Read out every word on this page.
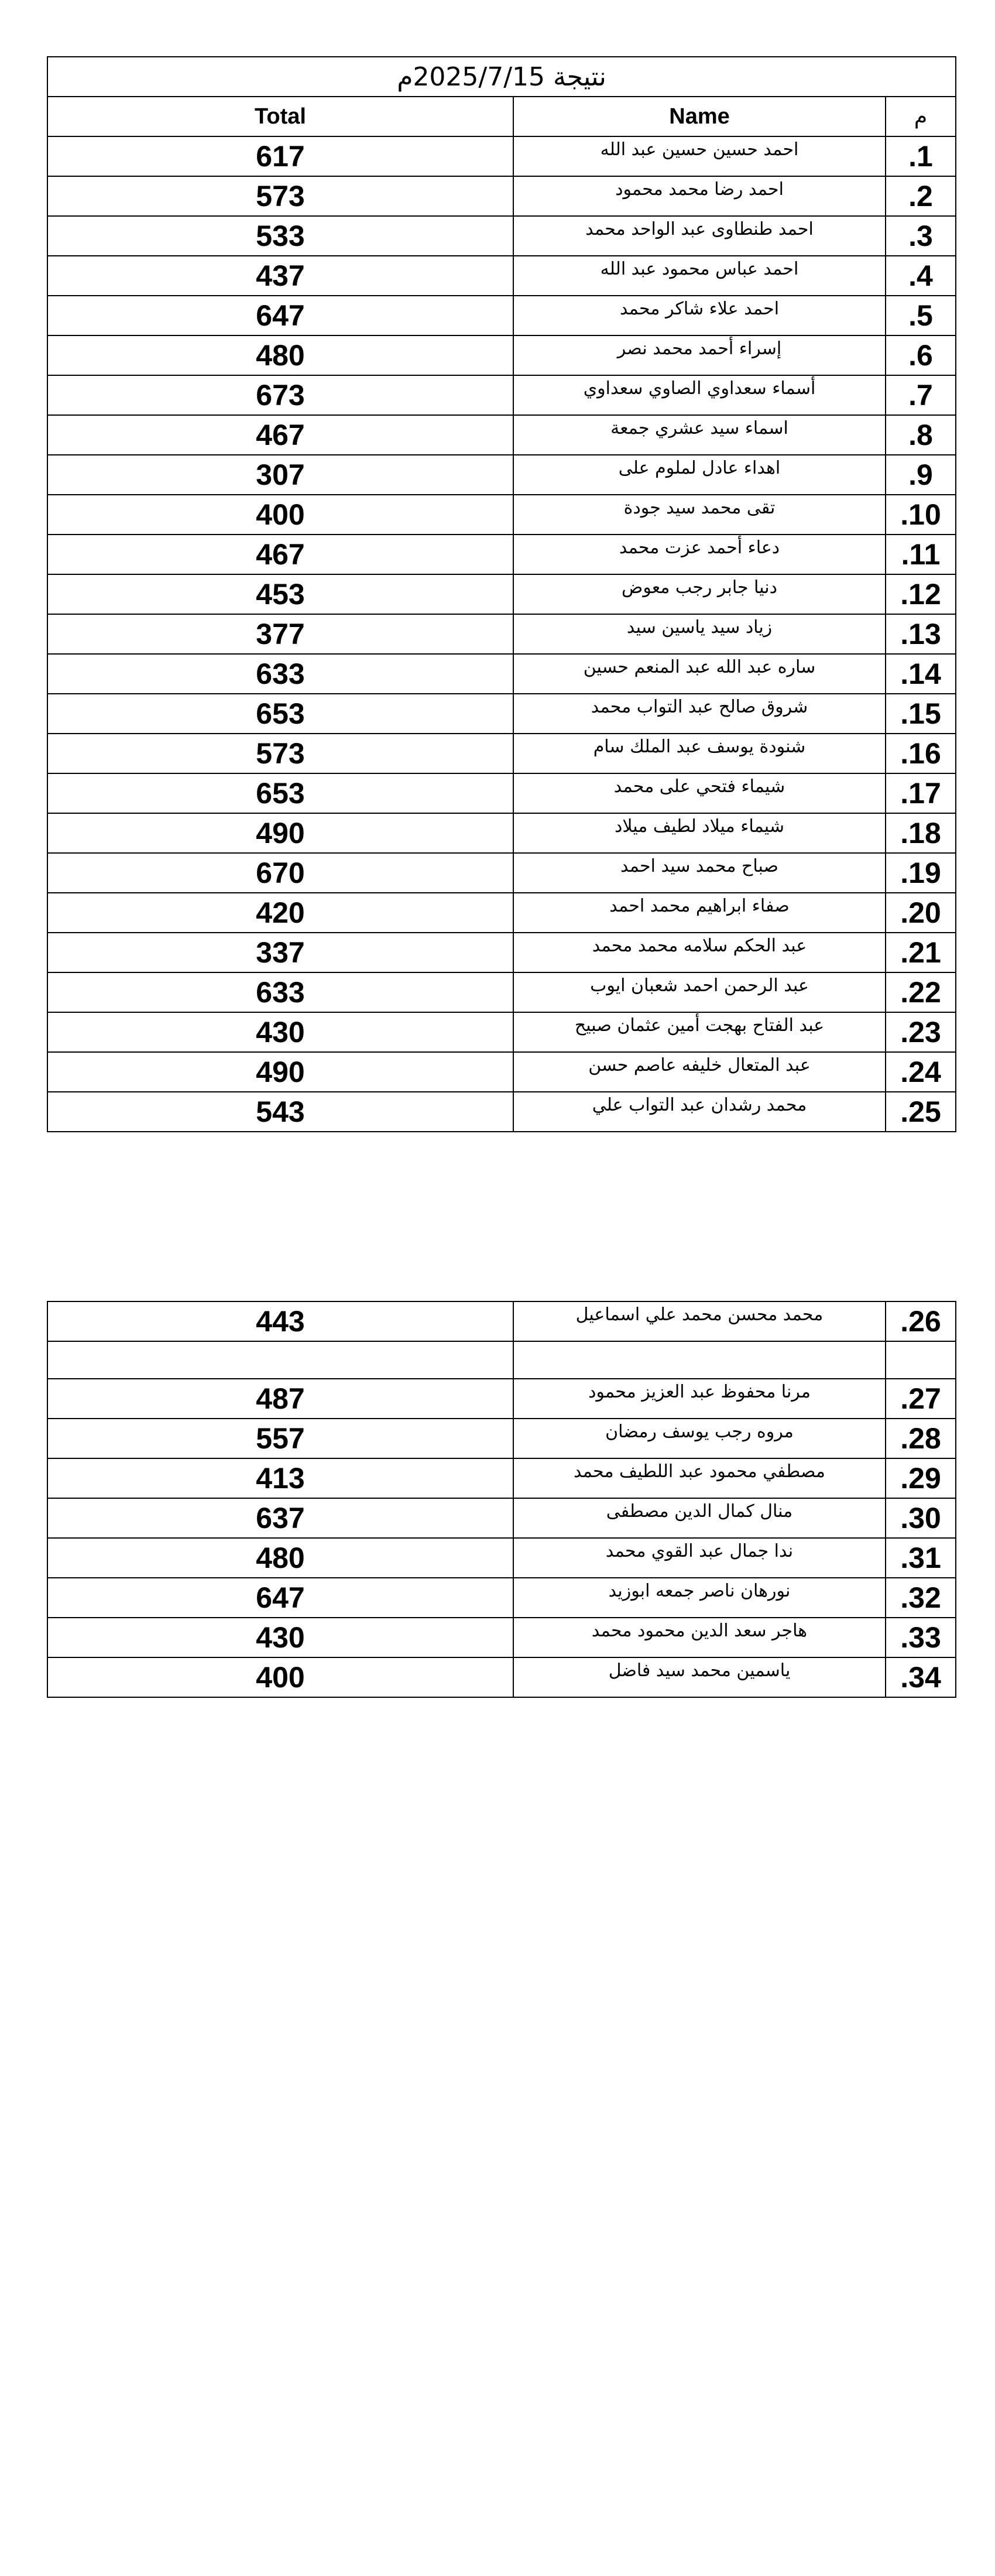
نتيجة 2025/7/15م		
Total	Name	م
617	احمد حسين حسين عبد الله	1.
573	احمد رضا محمد محمود	2.
533	احمد طنطاوى عبد الواحد محمد	3.
437	احمد عباس محمود عبد الله	4.
647	احمد علاء شاكر محمد	5.
480	إسراء أحمد محمد نصر	6.
673	أسماء سعداوي الصاوي سعداوي	7.
467	اسماء سيد عشري جمعة	8.
307	اهداء عادل لملوم على	9.
400	تقى محمد سيد جودة	10.
467	دعاء أحمد عزت محمد	11.
453	دنيا جابر رجب معوض	12.
377	زياد سيد ياسين سيد	13.
633	ساره عبد الله عبد المنعم حسين	14.
653	شروق صالح عبد التواب محمد	15.
573	شنودة يوسف عبد الملك سام	16.
653	شيماء فتحي على محمد	17.
490	شيماء ميلاد لطيف ميلاد	18.
670	صباح محمد سيد احمد	19.
420	صفاء ابراهيم محمد احمد	20.
337	عبد الحكم سلامه محمد محمد	21.
633	عبد الرحمن احمد شعبان ايوب	22.
430	عبد الفتاح بهجت أمين عثمان صبيح	23.
490	عبد المتعال خليفه عاصم حسن	24.
543	محمد رشدان عبد التواب علي	25.
443	محمد محسن محمد علي اسماعيل	26.

487	مرنا محفوظ عبد العزيز محمود	27.
557	مروه رجب يوسف رمضان	28.
413	مصطفي محمود عبد اللطيف محمد	29.
637	منال كمال الدين مصطفى	30.
480	ندا جمال عبد القوي محمد	31.
647	نورهان ناصر جمعه ابوزيد	32.
430	هاجر سعد الدين محمود محمد	33.
400	ياسمين محمد سيد فاضل	34.
